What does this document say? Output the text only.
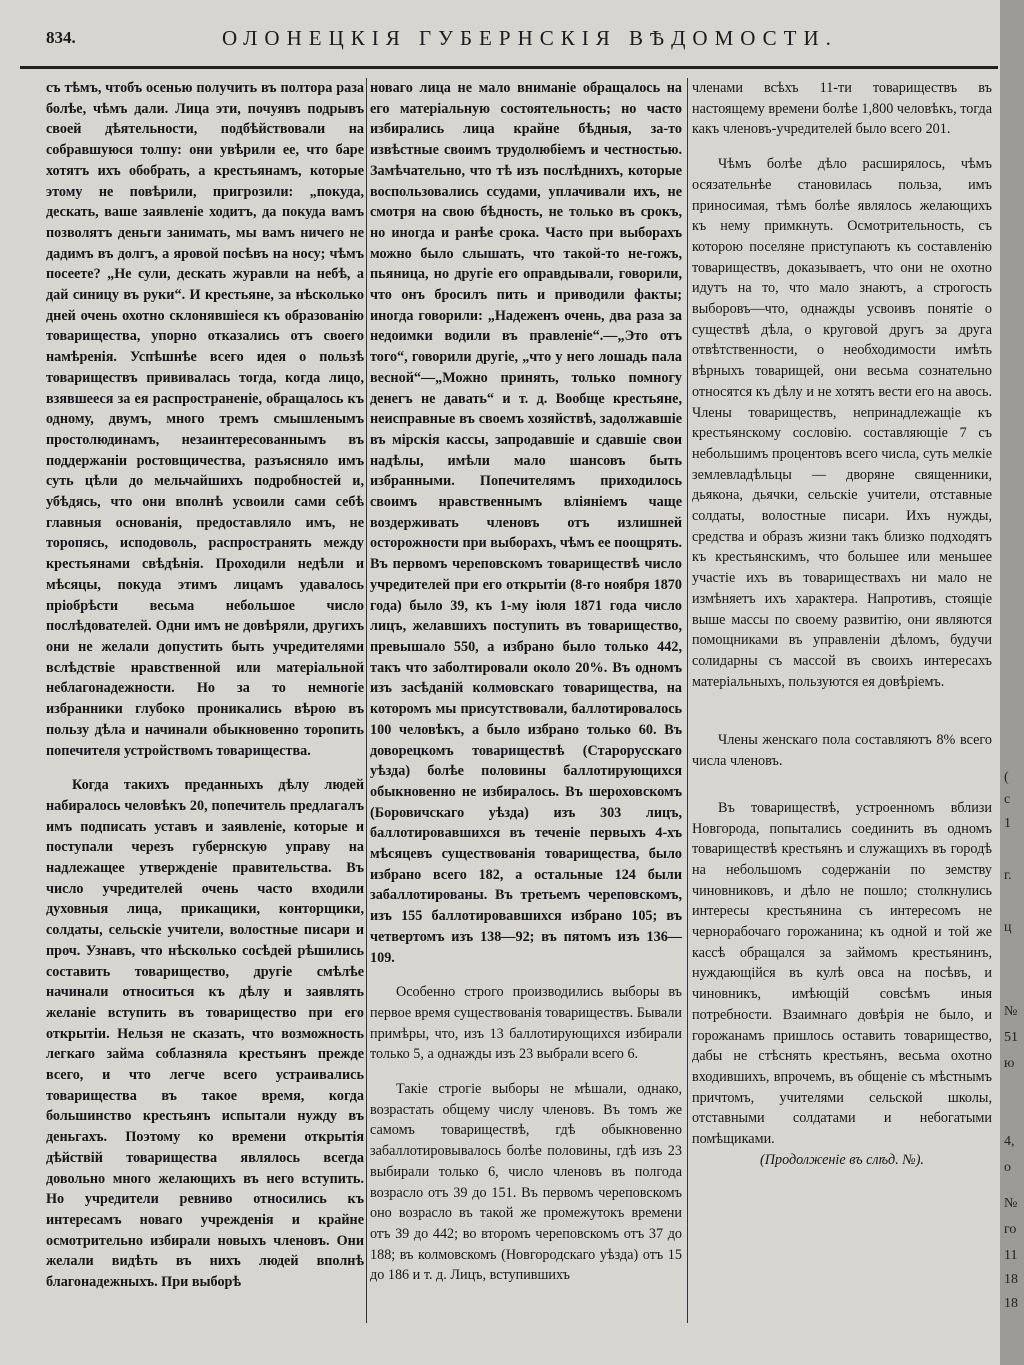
834.	ОЛОНЕЦКІЯ ГУБЕРНСКІЯ ВѢДОМОСТИ.

съ тѣмъ, чтобъ осенью получить въ полтора раза болѣе, чѣмъ дали. Лица эти, почуявъ подрывъ своей дѣятельности, подбѣйствовали на собравшуюся толпу: они увѣрили ее, что баре хотятъ ихъ обобрать, а крестьянамъ, которые этому не повѣрили, пригрозили: „покуда, дескать, ваше заявленіе ходитъ, да покуда вамъ позволятъ деньги занимать, мы вамъ ничего не дадимъ въ долгъ, а яровой посѣвъ на носу; чѣмъ посеете? „Не сули, дескать журавли на небѣ, а дай синицу въ руки“. И крестьяне, за нѣсколько дней очень охотно склонявшіеся къ образованію товарищества, упорно отказались отъ своего намѣренія. Успѣшнѣе всего идея о пользѣ товариществъ прививалась тогда, когда лицо, взявшееся за ея распространеніе, обращалось къ одному, двумъ, много тремъ смышленымъ простолюдинамъ, незаинтересованнымъ въ поддержаніи ростовщичества, разъясняло имъ суть цѣли до мельчайшихъ подробностей и, убѣдясь, что они вполнѣ усвоили сами себѣ главныя основанія, предоставляло имъ, не торопясь, исподоволь, распространять между крестьянами свѣдѣнія. Проходили недѣли и мѣсяцы, покуда этимъ лицамъ удавалось пріобрѣсти весьма небольшое число послѣдователей. Одни имъ не довѣряли, другихъ они не желали допустить быть учредителями вслѣдствіе нравственной или матеріальной неблагонадежности. Но за то немногіе избранники глубоко проникались вѣрою въ пользу дѣла и начинали обыкновенно торопить попечителя устройствомъ товарищества.

Когда такихъ преданныхъ дѣлу людей набиралось человѣкъ 20, попечитель предлагалъ имъ подписать уставъ и заявленіе, которые и поступали черезъ губернскую управу на надлежащее утвержденіе правительства. Въ число учредителей очень часто входили духовныя лица, прикащики, конторщики, солдаты, сельскіе учители, волостные писари и проч. Узнавъ, что нѣсколько сосѣдей рѣшились составить товарищество, другіе смѣлѣе начинали относиться къ дѣлу и заявлять желаніе вступить въ товарищество при его открытіи. Нельзя не сказать, что возможность легкаго займа соблазняла крестьянъ прежде всего, и что легче всего устраивались товарищества въ такое время, когда большинство крестьянъ испытали нужду въ деньгахъ. Поэтому ко времени открытія дѣйствій товарищества являлось всегда довольно много желающихъ въ него вступить. Но учредители ревниво относились къ интересамъ новаго учрежденія и крайне осмотрительно избирали новыхъ членовъ. Они желали видѣть въ нихъ людей вполнѣ благонадежныхъ. При выборѣ

новаго лица не мало вниманіе обращалось на его матеріальную состоятельность; но часто избирались лица крайне бѣдныя, за-то извѣстные своимъ трудолюбіемъ и честностью. Замѣчательно, что тѣ изъ послѣднихъ, которые воспользовались ссудами, уплачивали ихъ, не смотря на свою бѣдность, не только въ срокъ, но иногда и ранѣе срока. Часто при выборахъ можно было слышать, что такой-то не-гожъ, пьяница, но другіе его оправдывали, говорили, что онъ бросилъ пить и приводили факты; иногда говорили: „Надеженъ очень, два раза за недоимки водили въ правленіе“.—„Это отъ того“, говорили другіе, „что у него лошадь пала весной“—„Можно принять, только помногу денегъ не давать“ и т. д. Вообще крестьяне, неисправные въ своемъ хозяйствѣ, задолжавшіе въ мірскія кассы, запродавшіе и сдавшіе свои надѣлы, имѣли мало шансовъ быть избранными. Попечителямъ приходилось своимъ нравственнымъ вліяніемъ чаще воздерживать членовъ отъ излишней осторожности при выборахъ, чѣмъ ее поощрять. Въ первомъ череповскомъ товариществѣ число учредителей при его открытіи (8-го ноября 1870 года) было 39, къ 1-му іюля 1871 года число лицъ, желавшихъ поступить въ товарищество, превышало 550, а избрано было только 442, такъ что заболтировали около 20%. Въ одномъ изъ засѣданій колмовскаго товарищества, на которомъ мы присутствовали, баллотировалось 100 человѣкъ, а было избрано только 60. Въ доворецкомъ товариществѣ (Старорусскаго уѣзда) болѣе половины баллотирующихся обыкновенно не избиралось. Въ шероховскомъ (Боровичскаго уѣзда) изъ 303 лицъ, баллотировавшихся въ теченіе первыхъ 4-хъ мѣсяцевъ существованія товарищества, было избрано всего 182, а остальные 124 были забаллотированы. Въ третьемъ череповскомъ, изъ 155 баллотировавшихся избрано 105; въ четвертомъ изъ 138—92; въ пятомъ изъ 136—109.

Особенно строго производились выборы въ первое время существованія товариществъ. Бывали примѣры, что, изъ 13 баллотирующихся избирали только 5, а однажды изъ 23 выбрали всего 6.

Такіе строгіе выборы не мѣшали, однако, возрастать общему числу членовъ. Въ томъ же самомъ товариществѣ, гдѣ обыкновенно забаллотировывалось болѣе половины, гдѣ изъ 23 выбирали только 6, число членовъ въ полгода возрасло отъ 39 до 151. Въ первомъ череповскомъ оно возрасло въ такой же промежутокъ времени отъ 39 до 442; во второмъ череповскомъ отъ 37 до 188; въ колмовскомъ (Новгородскаго уѣзда) отъ 15 до 186 и т. д. Лицъ, вступившихъ

членами всѣхъ 11-ти товариществъ въ настоящему времени болѣе 1,800 человѣкъ, тогда какъ членовъ-учредителей было всего 201.

Чѣмъ болѣе дѣло расширялось, чѣмъ осязательнѣе становилась польза, имъ приносимая, тѣмъ болѣе являлось желающихъ къ нему примкнуть. Осмотрительность, съ которою поселяне приступаютъ къ составленію товариществъ, доказываетъ, что они не охотно идутъ на то, что мало знаютъ, а строгость выборовъ—что, однажды усвоивъ понятіе о существѣ дѣла, о круговой другъ за друга отвѣтственности, о необходимости имѣть вѣрныхъ товарищей, они весьма сознательно относятся къ дѣлу и не хотятъ вести его на авось. Члены товариществъ, непринадлежащіе къ крестьянскому сословію. составляющіе 7 съ небольшимъ процентовъ всего числа, суть мелкіе землевладѣльцы — дворяне священники, дьякона, дьячки, сельскіе учители, отставные солдаты, волостные писари. Ихъ нужды, средства и образъ жизни такъ близко подходятъ къ крестьянскимъ, что большее или меньшее участіе ихъ въ товариществахъ ни мало не измѣняетъ ихъ характера. Напротивъ, стоящіе выше массы по своему развитію, они являются помощниками въ управленіи дѣломъ, будучи солидарны съ массой въ своихъ интересахъ матеріальныхъ, пользуются ея довѣріемъ.

Члены женскаго пола составляютъ 8% всего числа членовъ.

Въ товариществѣ, устроенномъ вблизи Новгорода, попытались соединить въ одномъ товариществѣ крестьянъ и служащихъ въ городѣ на небольшомъ содержаніи по земству чиновниковъ, и дѣло не пошло; столкнулись интересы крестьянина съ интересомъ не чернорабочаго горожанина; къ одной и той же кассѣ обращался за займомъ крестьянинъ, нуждающійся въ кулѣ овса на посѣвъ, и чиновникъ, имѣющій совсѣмъ иныя потребности. Взаимнаго довѣрія не было, и горожанамъ пришлось оставить товарищество, дабы не стѣснять крестьянъ, весьма охотно входившихъ, впрочемъ, въ общеніе съ мѣстнымъ причтомъ, учителями сельской школы, отставными солдатами и небогатыми помѣщиками.

(Продолженіе въ слѣд. №).

(
с
1
г.
ц
№
51
ю
4,
о
№
го
11
18
18
